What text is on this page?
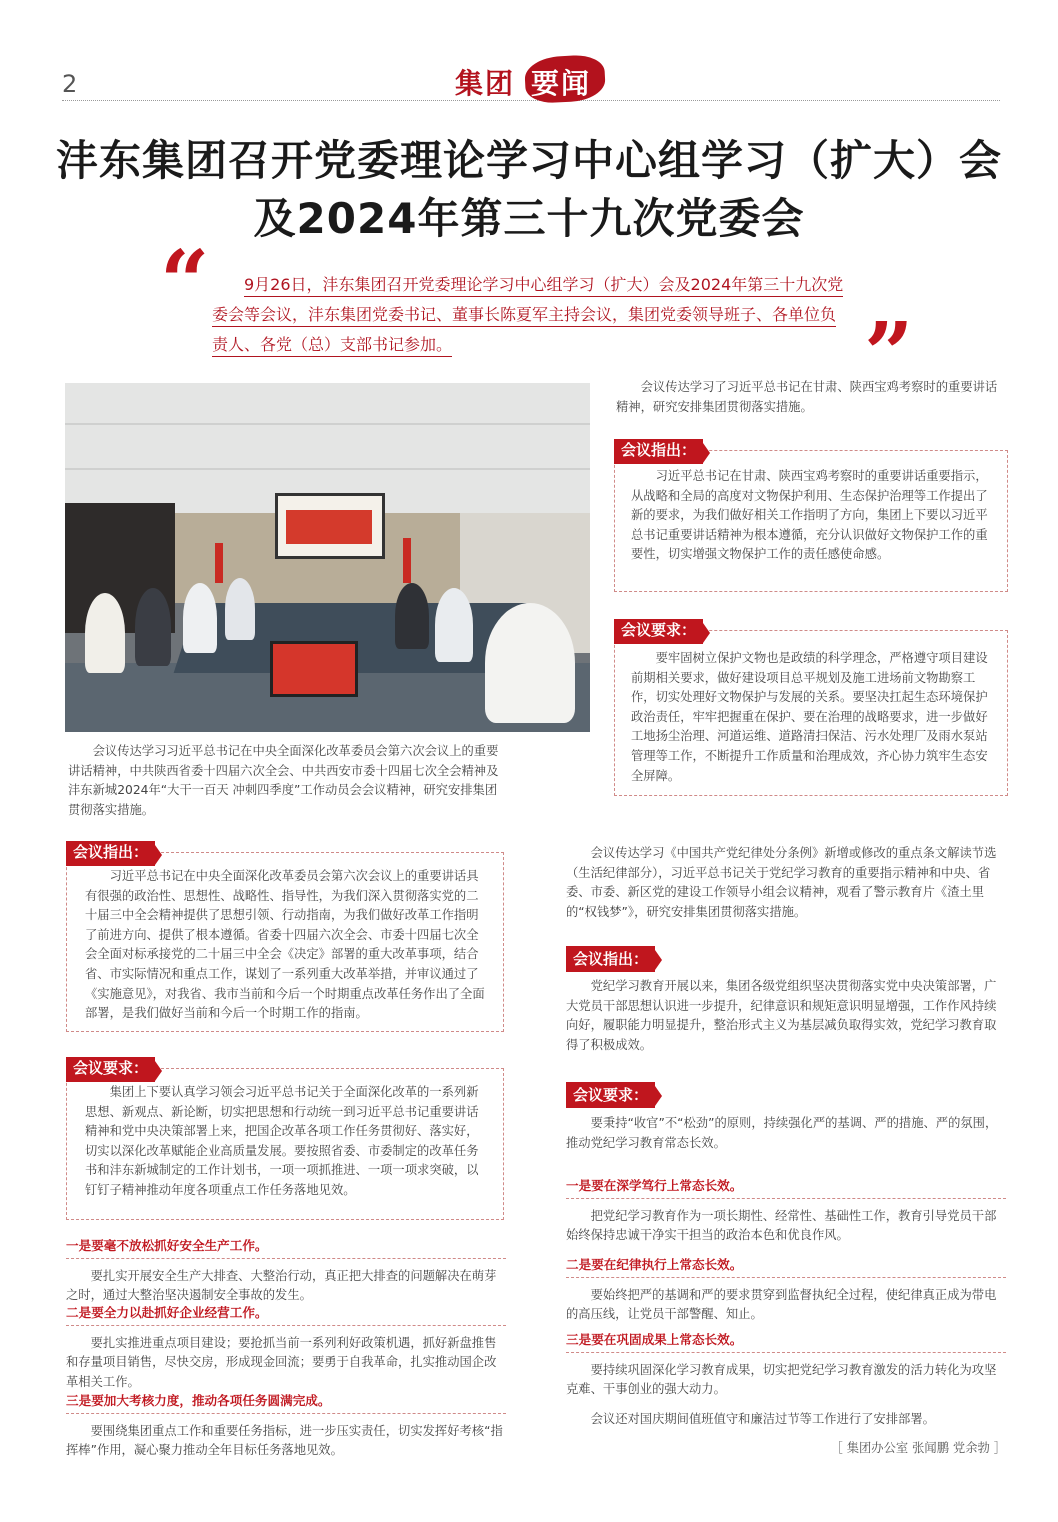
2	集团 要闻
沣东集团召开党委理论学习中心组学习（扩大）会
及2024年第三十九次党委会
“	9月26日，沣东集团召开党委理论学习中心组学习（扩大）会及2024年第三十九次党委会等会议，沣东集团党委书记、董事长陈夏军主持会议，集团党委领导班子、各单位负责人、各党（总）支部书记参加。	”

会议传达学习习近平总书记在中央全面深化改革委员会第六次会议上的重要讲话精神，中共陕西省委十四届六次全会、中共西安市委十四届七次全会精神及沣东新城2024年“大干一百天 冲刺四季度”工作动员会会议精神，研究安排集团贯彻落实措施。

会议指出：

习近平总书记在中央全面深化改革委员会第六次会议上的重要讲话具有很强的政治性、思想性、战略性、指导性，为我们深入贯彻落实党的二十届三中全会精神提供了思想引领、行动指南，为我们做好改革工作指明了前进方向、提供了根本遵循。省委十四届六次全会、市委十四届七次全会全面对标承接党的二十届三中全会《决定》部署的重大改革事项，结合省、市实际情况和重点工作，谋划了一系列重大改革举措，并审议通过了《实施意见》，对我省、我市当前和今后一个时期重点改革任务作出了全面部署，是我们做好当前和今后一个时期工作的指南。

会议要求：

集团上下要认真学习领会习近平总书记关于全面深化改革的一系列新思想、新观点、新论断，切实把思想和行动统一到习近平总书记重要讲话精神和党中央决策部署上来，把国企改革各项工作任务贯彻好、落实好，切实以深化改革赋能企业高质量发展。要按照省委、市委制定的改革任务书和沣东新城制定的工作计划书，一项一项抓推进、一项一项求突破，以钉钉子精神推动年度各项重点工作任务落地见效。

一是要毫不放松抓好安全生产工作。

要扎实开展安全生产大排查、大整治行动，真正把大排查的问题解决在萌芽之时，通过大整治坚决遏制安全事故的发生。

二是要全力以赴抓好企业经营工作。

要扎实推进重点项目建设；要抢抓当前一系列利好政策机遇，抓好新盘推售和存量项目销售，尽快交房，形成现金回流；要勇于自我革命，扎实推动国企改革相关工作。

三是要加大考核力度，推动各项任务圆满完成。

要围绕集团重点工作和重要任务指标，进一步压实责任，切实发挥好考核“指挥棒”作用，凝心聚力推动全年目标任务落地见效。

会议传达学习了习近平总书记在甘肃、陕西宝鸡考察时的重要讲话精神，研究安排集团贯彻落实措施。

会议指出：

习近平总书记在甘肃、陕西宝鸡考察时的重要讲话重要指示，从战略和全局的高度对文物保护利用、生态保护治理等工作提出了新的要求，为我们做好相关工作指明了方向，集团上下要以习近平总书记重要讲话精神为根本遵循，充分认识做好文物保护工作的重要性，切实增强文物保护工作的责任感使命感。

会议要求：

要牢固树立保护文物也是政绩的科学理念，严格遵守项目建设前期相关要求，做好建设项目总平规划及施工进场前文物勘察工作，切实处理好文物保护与发展的关系。要坚决扛起生态环境保护政治责任，牢牢把握重在保护、要在治理的战略要求，进一步做好工地扬尘治理、河道运维、道路清扫保洁、污水处理厂及雨水泵站管理等工作，不断提升工作质量和治理成效，齐心协力筑牢生态安全屏障。

会议传达学习《中国共产党纪律处分条例》新增或修改的重点条文解读节选（生活纪律部分），习近平总书记关于党纪学习教育的重要指示精神和中央、省委、市委、新区党的建设工作领导小组会议精神，观看了警示教育片《渣土里的“权钱梦”》，研究安排集团贯彻落实措施。

会议指出：

党纪学习教育开展以来，集团各级党组织坚决贯彻落实党中央决策部署，广大党员干部思想认识进一步提升，纪律意识和规矩意识明显增强，工作作风持续向好，履职能力明显提升，整治形式主义为基层减负取得实效，党纪学习教育取得了积极成效。

会议要求：

要秉持“收官”不“松劲”的原则，持续强化严的基调、严的措施、严的氛围，推动党纪学习教育常态长效。

一是要在深学笃行上常态长效。

把党纪学习教育作为一项长期性、经常性、基础性工作，教育引导党员干部始终保持忠诚干净实干担当的政治本色和优良作风。

二是要在纪律执行上常态长效。

要始终把严的基调和严的要求贯穿到监督执纪全过程，使纪律真正成为带电的高压线，让党员干部警醒、知止。

三是要在巩固成果上常态长效。

要持续巩固深化学习教育成果，切实把党纪学习教育激发的活力转化为攻坚克难、干事创业的强大动力。

会议还对国庆期间值班值守和廉洁过节等工作进行了安排部署。

［ 集团办公室 张闻鹏 党余勃 ］
